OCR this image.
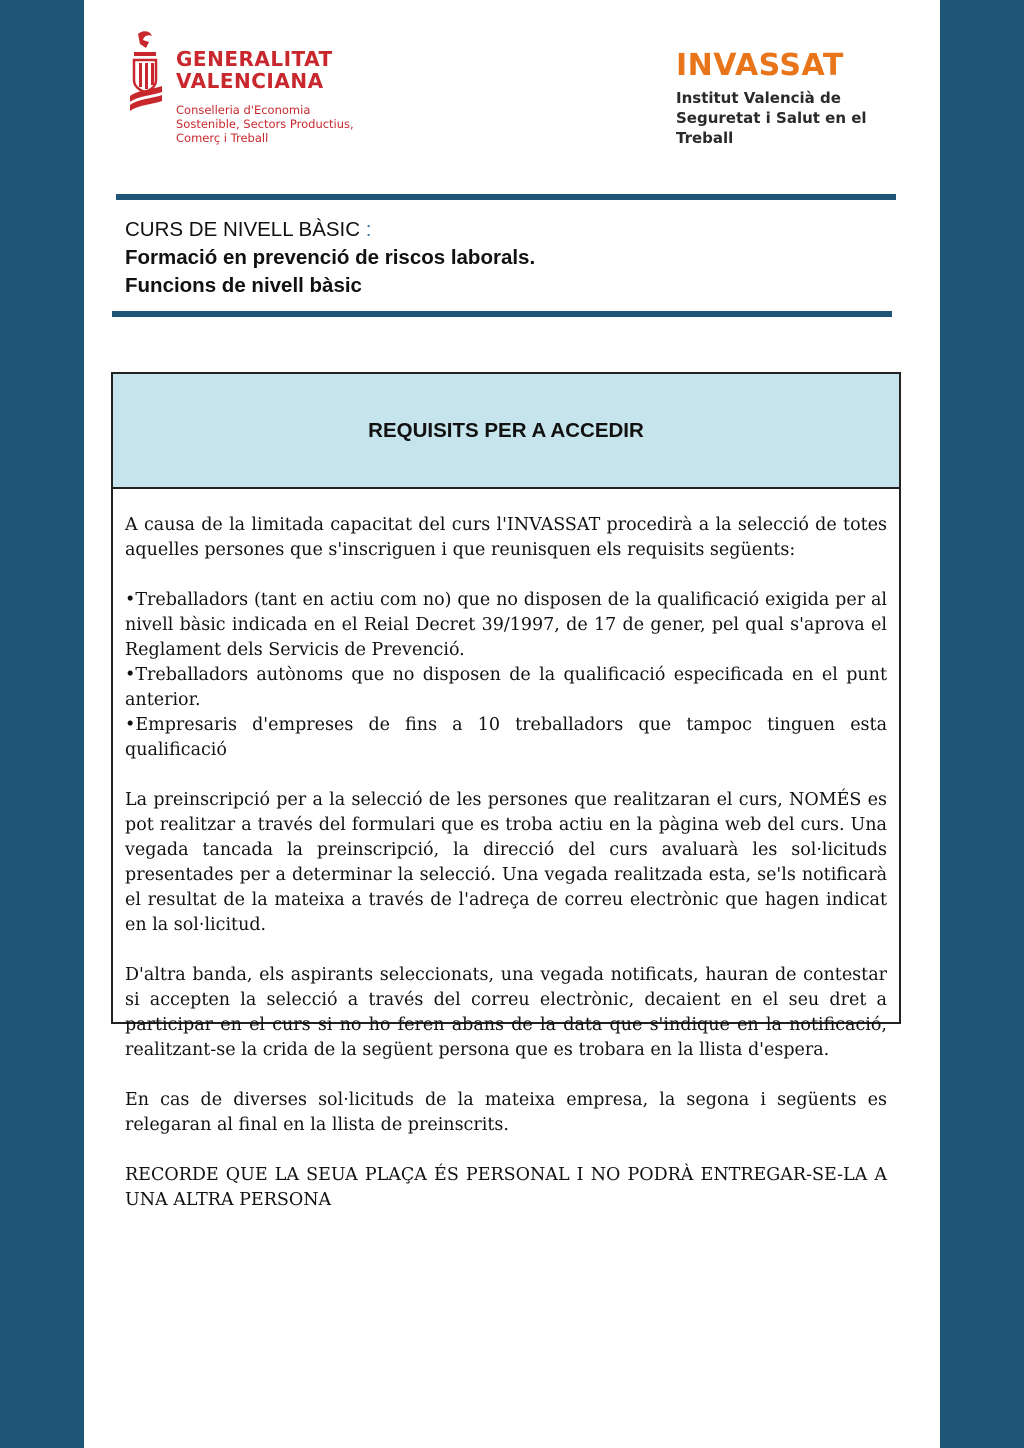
GENERALITAT
VALENCIANA
Conselleria d'Economia
Sostenible, Sectors Productius,
Comerç i Treball
INVASSAT
Institut Valencià de
Seguretat i Salut en el Treball
CURS DE NIVELL BÀSIC :
Formació en prevenció de riscos laborals.
Funcions de nivell bàsic
REQUISITS PER A ACCEDIR

A causa de la limitada capacitat del curs l'INVASSAT procedirà a la selecció de totes aquelles persones que s'inscriguen i que reunisquen els requisits següents:

•Treballadors (tant en actiu com no) que no disposen de la qualificació exigida per al nivell bàsic indicada en el Reial Decret 39/1997, de 17 de gener, pel qual s'aprova el Reglament dels Servicis de Prevenció.
•Treballadors autònoms que no disposen de la qualificació especificada en el punt anterior.
•Empresaris d'empreses de fins a 10 treballadors que tampoc tinguen esta qualificació

La preinscripció per a la selecció de les persones que realitzaran el curs, NOMÉS es pot realitzar a través del formulari que es troba actiu en la pàgina web del curs. Una vegada tancada la preinscripció, la direcció del curs avaluarà les sol·licituds presentades per a determinar la selecció. Una vegada realitzada esta, se'ls notificarà el resultat de la mateixa a través de l'adreça de correu electrònic que hagen indicat en la sol·licitud.

D'altra banda, els aspirants seleccionats, una vegada notificats, hauran de contestar si accepten la selecció a través del correu electrònic, decaient en el seu dret a participar en el curs si no ho feren abans de la data que s'indique en la notificació, realitzant-se la crida de la següent persona que es trobara en la llista d'espera.

En cas de diverses sol·licituds de la mateixa empresa, la segona i següents es relegaran al final en la llista de preinscrits.

RECORDE QUE LA SEUA PLAÇA ÉS PERSONAL I NO PODRÀ ENTREGAR-SE-LA A UNA ALTRA PERSONA
